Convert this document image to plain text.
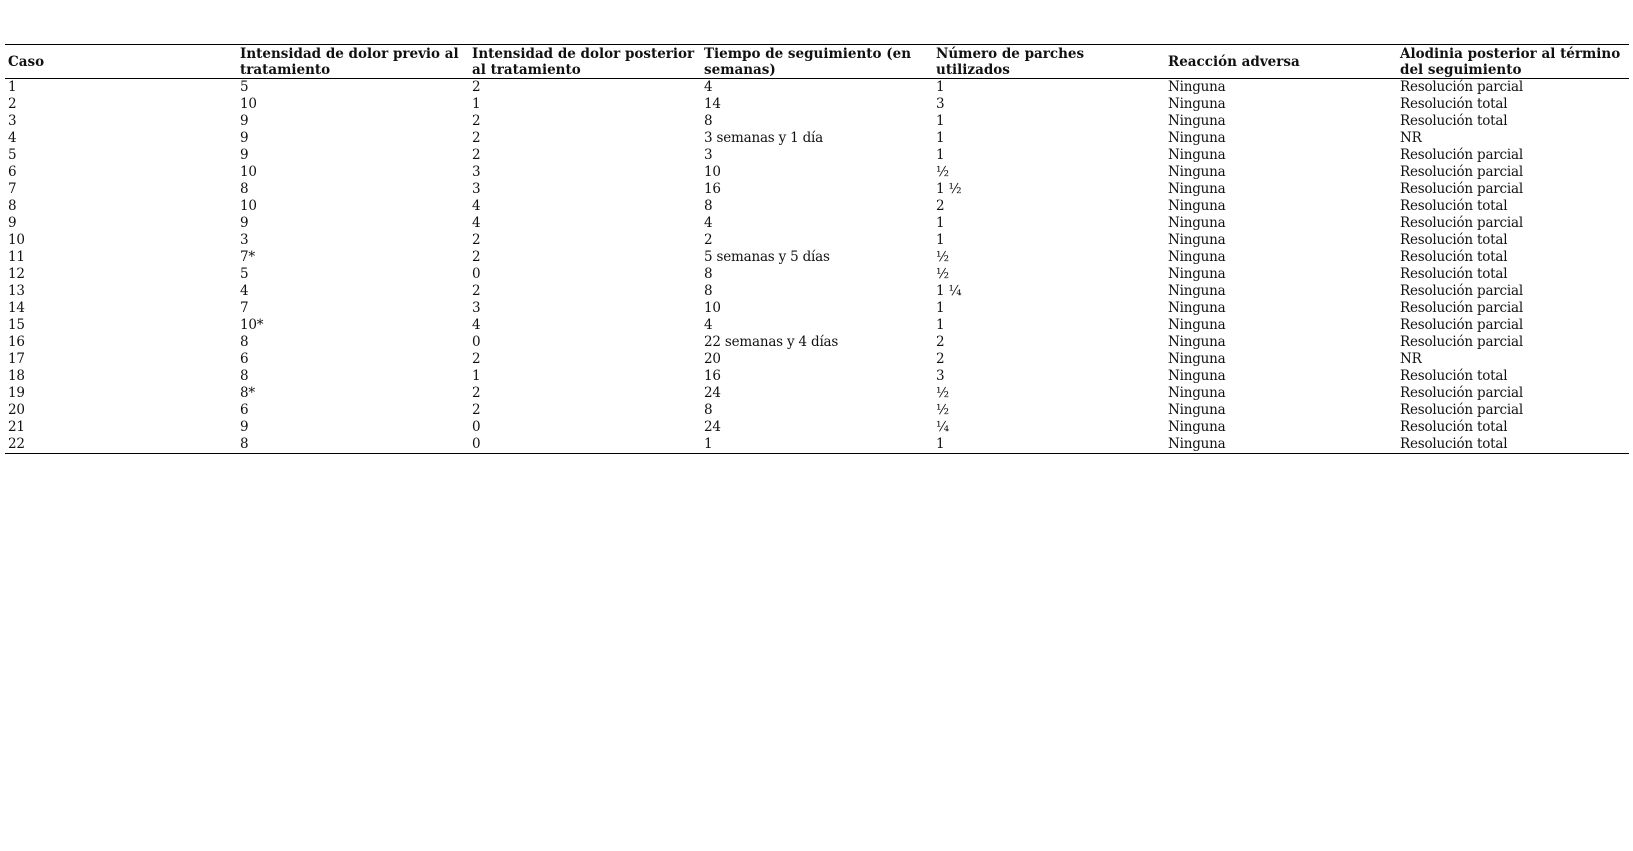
Caso	Intensidad de dolor previo al tratamiento	Intensidad de dolor posterior al tratamiento	Tiempo de seguimiento (en semanas)	Número de parches utilizados	Reacción adversa	Alodinia posterior al término del seguimiento
1	5	2	4	1	Ninguna	Resolución parcial
2	10	1	14	3	Ninguna	Resolución total
3	9	2	8	1	Ninguna	Resolución total
4	9	2	3 semanas y 1 día	1	Ninguna	NR
5	9	2	3	1	Ninguna	Resolución parcial
6	10	3	10	½	Ninguna	Resolución parcial
7	8	3	16	1 ½	Ninguna	Resolución parcial
8	10	4	8	2	Ninguna	Resolución total
9	9	4	4	1	Ninguna	Resolución parcial
10	3	2	2	1	Ninguna	Resolución total
11	7*	2	5 semanas y 5 días	½	Ninguna	Resolución total
12	5	0	8	½	Ninguna	Resolución total
13	4	2	8	1 ¼	Ninguna	Resolución parcial
14	7	3	10	1	Ninguna	Resolución parcial
15	10*	4	4	1	Ninguna	Resolución parcial
16	8	0	22 semanas y 4 días	2	Ninguna	Resolución parcial
17	6	2	20	2	Ninguna	NR
18	8	1	16	3	Ninguna	Resolución total
19	8*	2	24	½	Ninguna	Resolución parcial
20	6	2	8	½	Ninguna	Resolución parcial
21	9	0	24	¼	Ninguna	Resolución total
22	8	0	1	1	Ninguna	Resolución total
